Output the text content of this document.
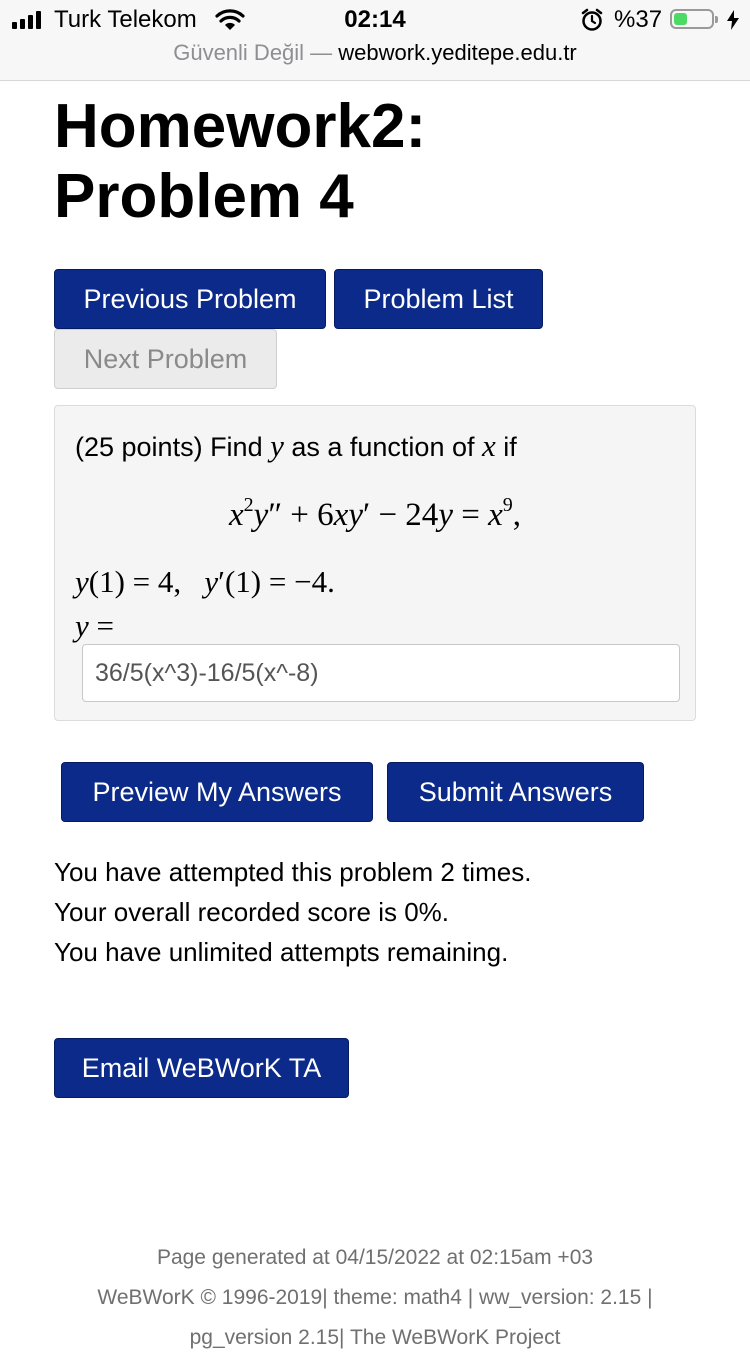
Turk Telekom	02:14	%37
Güvenli Değil — webwork.yeditepe.edu.tr
Homework2:
Problem 4
Previous Problem	Problem List
Next Problem
(25 points) Find y as a function of x if
$x^2y'' + 6xy' - 24y = x^9$,
y(1) = 4,   y′(1) = −4.
y =
36/5(x^3)-16/5(x^-8)
Preview My Answers	Submit Answers
You have attempted this problem 2 times.
Your overall recorded score is 0%.
You have unlimited attempts remaining.
Email WeBWorK TA
Page generated at 04/15/2022 at 02:15am +03
WeBWorK © 1996-2019| theme: math4 | ww_version: 2.15 |
pg_version 2.15| The WeBWorK Project
